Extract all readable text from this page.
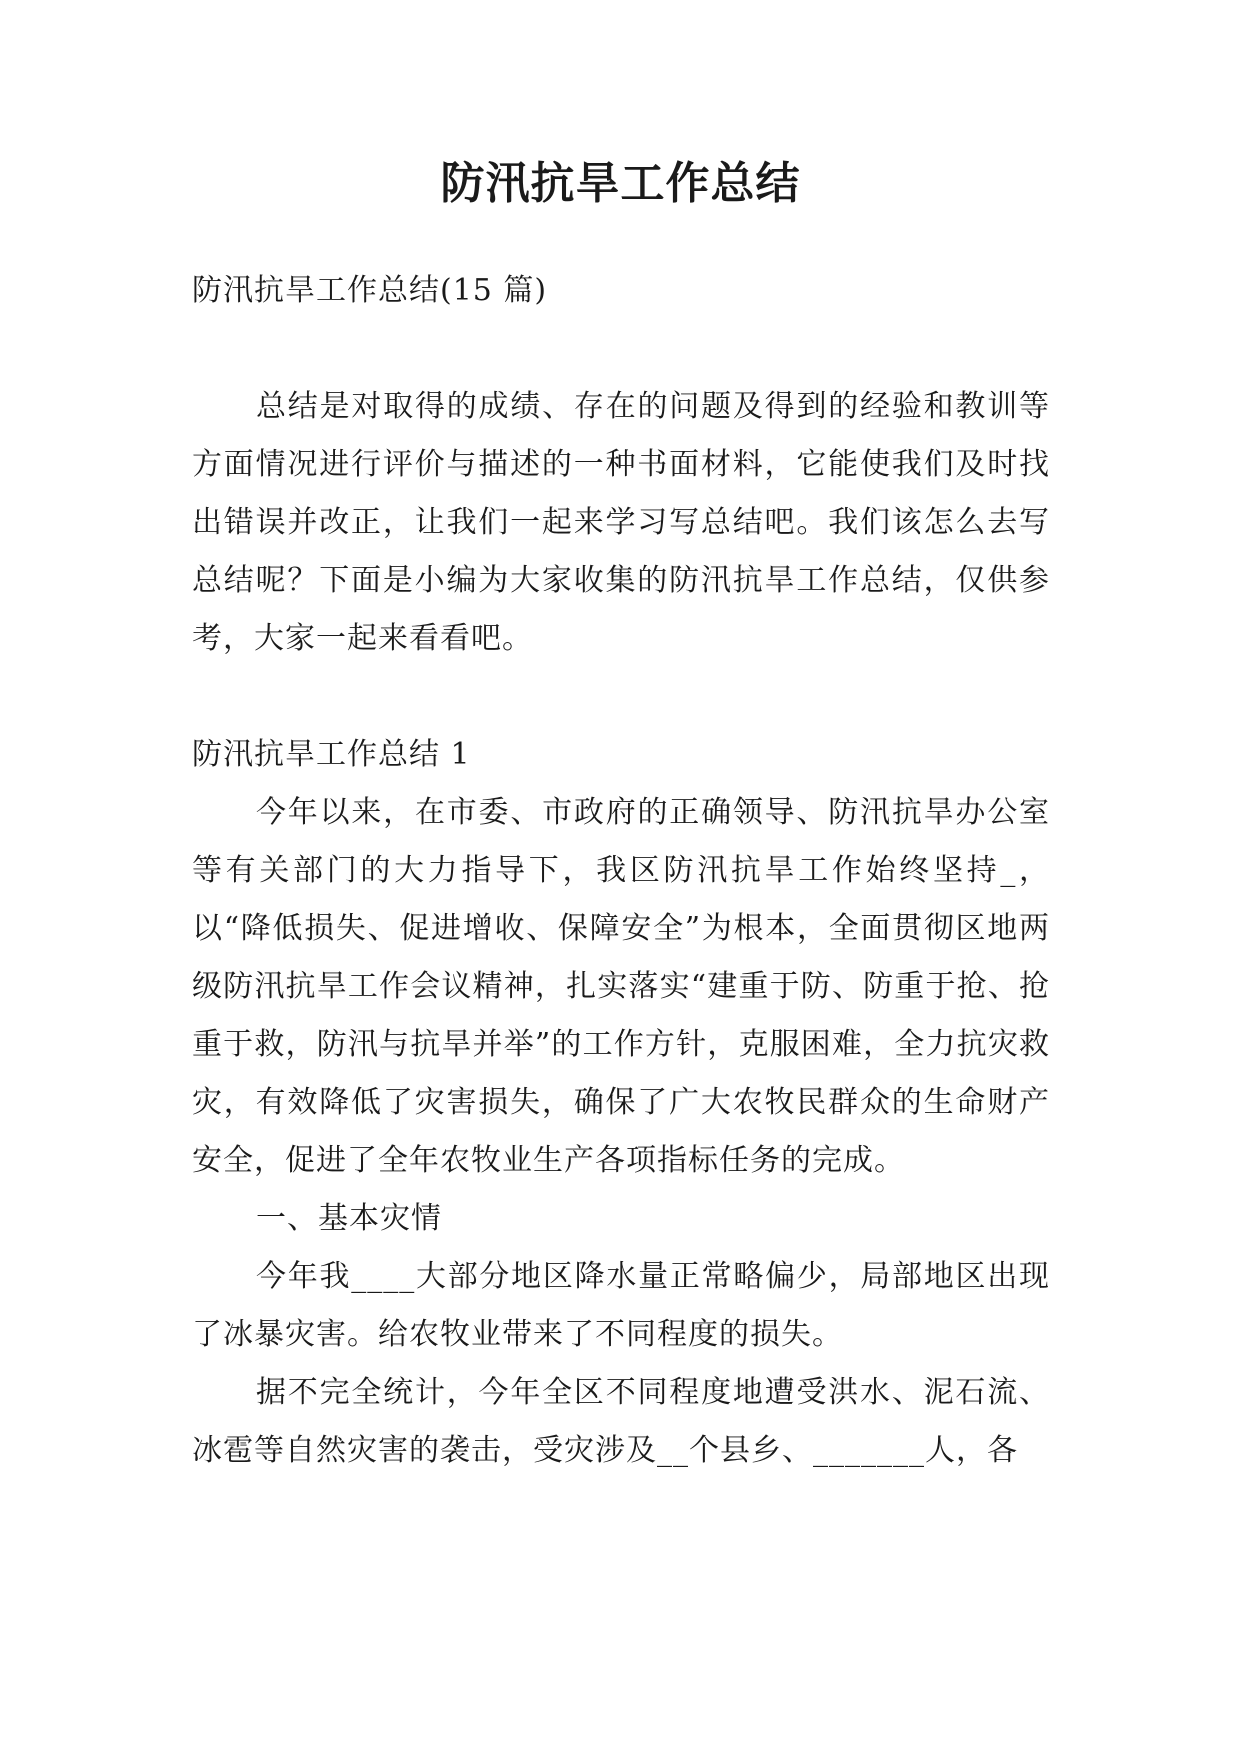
防汛抗旱工作总结

防汛抗旱工作总结(15 篇)

总结是对取得的成绩、存在的问题及得到的经验和教训等方面情况进行评价与描述的一种书面材料，它能使我们及时找出错误并改正，让我们一起来学习写总结吧。我们该怎么去写总结呢？下面是小编为大家收集的防汛抗旱工作总结，仅供参考，大家一起来看看吧。

防汛抗旱工作总结 1

今年以来，在市委、市政府的正确领导、防汛抗旱办公室等有关部门的大力指导下，我区防汛抗旱工作始终坚持_，以“降低损失、促进增收、保障安全”为根本，全面贯彻区地两级防汛抗旱工作会议精神，扎实落实“建重于防、防重于抢、抢重于救，防汛与抗旱并举”的工作方针，克服困难，全力抗灾救灾，有效降低了灾害损失，确保了广大农牧民群众的生命财产安全，促进了全年农牧业生产各项指标任务的完成。

一、基本灾情

今年我____大部分地区降水量正常略偏少，局部地区出现了冰暴灾害。给农牧业带来了不同程度的损失。

据不完全统计，今年全区不同程度地遭受洪水、泥石流、冰雹等自然灾害的袭击，受灾涉及__个县乡、_______人，各
